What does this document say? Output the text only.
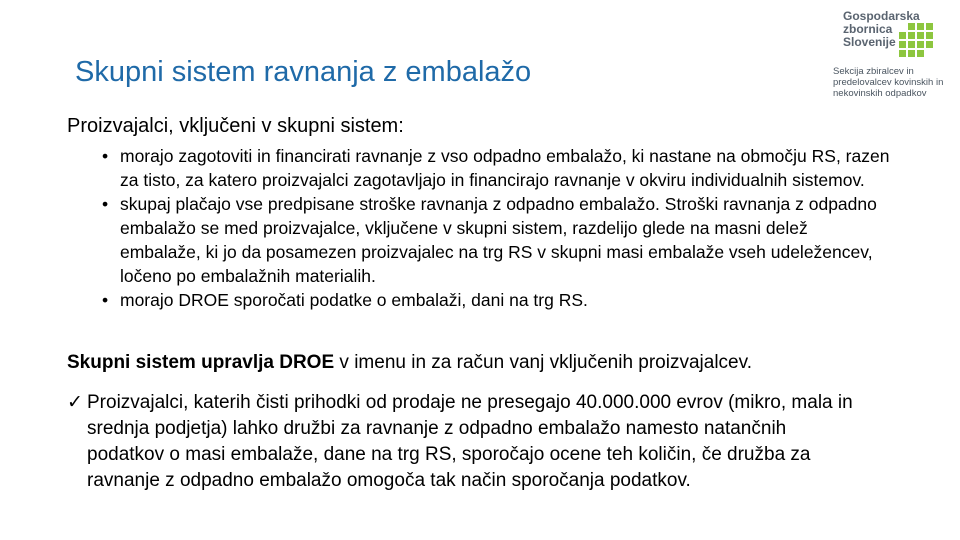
Skupni sistem ravnanja z embalažo
Gospodarska
zbornica
Slovenije
Sekcija zbiralcev in predelovalcev kovinskih in nekovinskih odpadkov
Proizvajalci, vključeni v skupni sistem:
• morajo zagotoviti in financirati ravnanje z vso odpadno embalažo, ki nastane na območju RS, razen za tisto, za katero proizvajalci zagotavljajo in financirajo ravnanje v okviru individualnih sistemov.
• skupaj plačajo vse predpisane stroške ravnanja z odpadno embalažo. Stroški ravnanja z odpadno embalažo se med proizvajalce, vključene v skupni sistem, razdelijo glede na masni delež embalaže, ki jo da posamezen proizvajalec na trg RS v skupni masi embalaže vseh udeležencev, ločeno po embalažnih materialih.
• morajo DROE sporočati podatke o embalaži, dani na trg RS.
Skupni sistem upravlja DROE v imenu in za račun vanj vključenih proizvajalcev.
✓ Proizvajalci, katerih čisti prihodki od prodaje ne presegajo 40.000.000 evrov (mikro, mala in srednja podjetja) lahko družbi za ravnanje z odpadno embalažo namesto natančnih podatkov o masi embalaže, dane na trg RS, sporočajo ocene teh količin, če družba za ravnanje z odpadno embalažo omogoča tak način sporočanja podatkov.
